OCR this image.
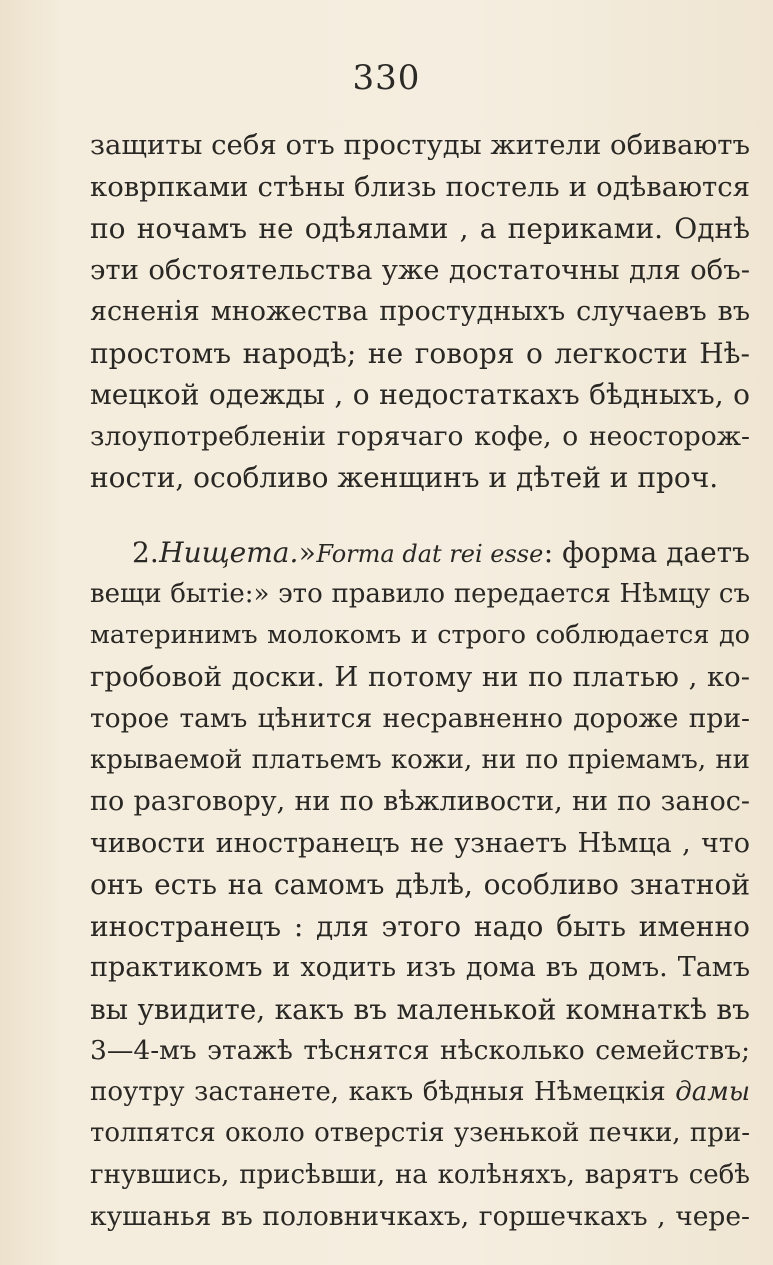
330
защиты себя отъ простуды жители обиваютъ
коврпками стѣны близь постель и одѣваются
по ночамъ не одѣялами , а периками. Однѣ
эти обстоятельства уже достаточны для объ-
ясненія множества простудныхъ случаевъ въ
простомъ народѣ; не говоря о легкости Нѣ-
мецкой одежды , о недостаткахъ бѣдныхъ, о
злоупотребленіи горячаго кофе, о неосторож-
ности, особливо женщинъ и дѣтей и проч.
2. Нищета. » Forma dat rei esse : форма даетъ
вещи бытіе:» это правило передается Нѣмцу съ
материнимъ молокомъ и строго соблюдается до
гробовой доски. И потому ни по платью , ко-
торое тамъ цѣнится несравненно дороже при-
крываемой платьемъ кожи, ни по пріемамъ, ни
по разговору, ни по вѣжливости, ни по занос-
чивости иностранецъ не узнаетъ Нѣмца , что
онъ есть на самомъ дѣлѣ, особливо знатной
иностранецъ : для этого надо быть именно
практикомъ и ходить изъ дома въ домъ. Тамъ
вы увидите, какъ въ маленькой комнаткѣ въ
3—4-мъ этажѣ тѣснятся нѣсколько семействъ;
поутру застанете, какъ бѣдныя Нѣмецкія дамы
толпятся около отверстія узенькой печки, при-
гнувшись, присѣвши, на колѣняхъ, варятъ себѣ
кушанья въ половничкахъ, горшечкахъ , чере-
